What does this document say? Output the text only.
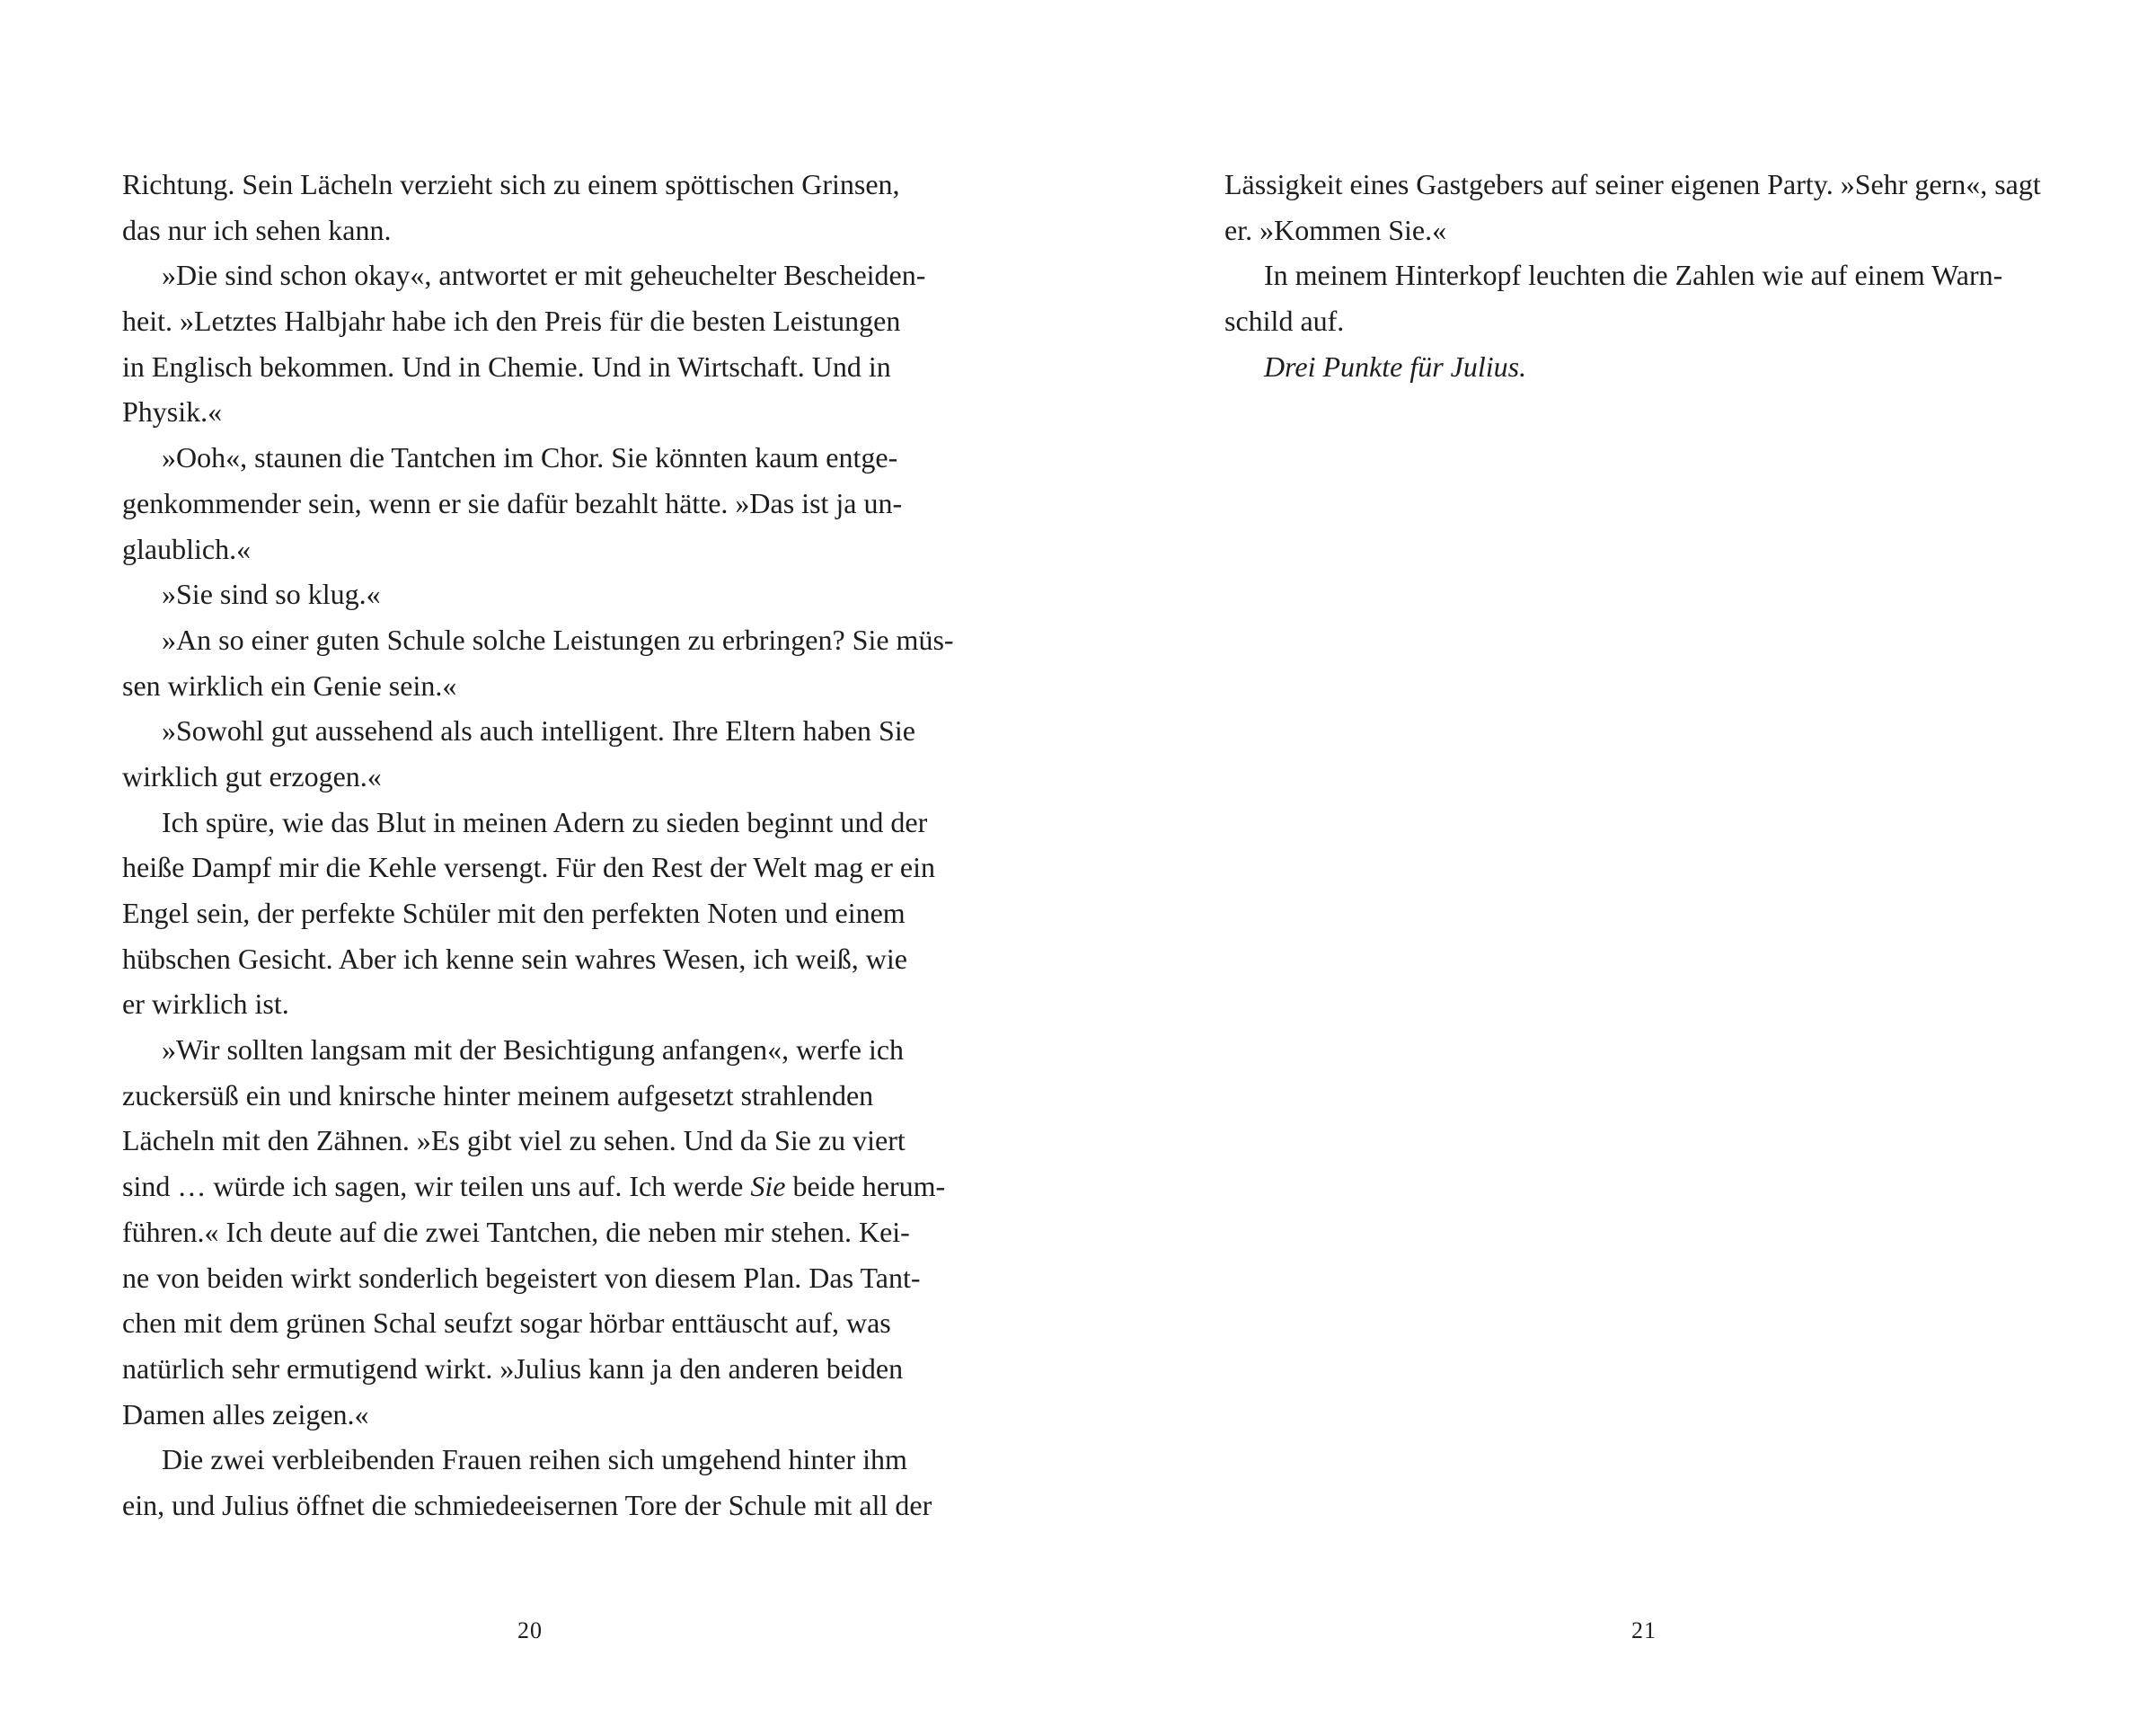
Richtung. Sein Lächeln verzieht sich zu einem spöttischen Grinsen,
das nur ich sehen kann.
»Die sind schon okay«, antwortet er mit geheuchelter Bescheiden-
heit. »Letztes Halbjahr habe ich den Preis für die besten Leistungen
in Englisch bekommen. Und in Chemie. Und in Wirtschaft. Und in
Physik.«
»Ooh«, staunen die Tantchen im Chor. Sie könnten kaum entge-
genkommender sein, wenn er sie dafür bezahlt hätte. »Das ist ja un-
glaublich.«
»Sie sind so klug.«
»An so einer guten Schule solche Leistungen zu erbringen? Sie müs-
sen wirklich ein Genie sein.«
»Sowohl gut aussehend als auch intelligent. Ihre Eltern haben Sie
wirklich gut erzogen.«
Ich spüre, wie das Blut in meinen Adern zu sieden beginnt und der
heiße Dampf mir die Kehle versengt. Für den Rest der Welt mag er ein
Engel sein, der perfekte Schüler mit den perfekten Noten und einem
hübschen Gesicht. Aber ich kenne sein wahres Wesen, ich weiß, wie
er wirklich ist.
»Wir sollten langsam mit der Besichtigung anfangen«, werfe ich
zuckersüß ein und knirsche hinter meinem aufgesetzt strahlenden
Lächeln mit den Zähnen. »Es gibt viel zu sehen. Und da Sie zu viert
sind … würde ich sagen, wir teilen uns auf. Ich werde Sie beide herum-
führen.« Ich deute auf die zwei Tantchen, die neben mir stehen. Kei-
ne von beiden wirkt sonderlich begeistert von diesem Plan. Das Tant-
chen mit dem grünen Schal seufzt sogar hörbar enttäuscht auf, was
natürlich sehr ermutigend wirkt. »Julius kann ja den anderen beiden
Damen alles zeigen.«
Die zwei verbleibenden Frauen reihen sich umgehend hinter ihm
ein, und Julius öffnet die schmiedeeisernen Tore der Schule mit all der
20
Lässigkeit eines Gastgebers auf seiner eigenen Party. »Sehr gern«, sagt
er. »Kommen Sie.«
In meinem Hinterkopf leuchten die Zahlen wie auf einem Warn-
schild auf.
Drei Punkte für Julius.
21
